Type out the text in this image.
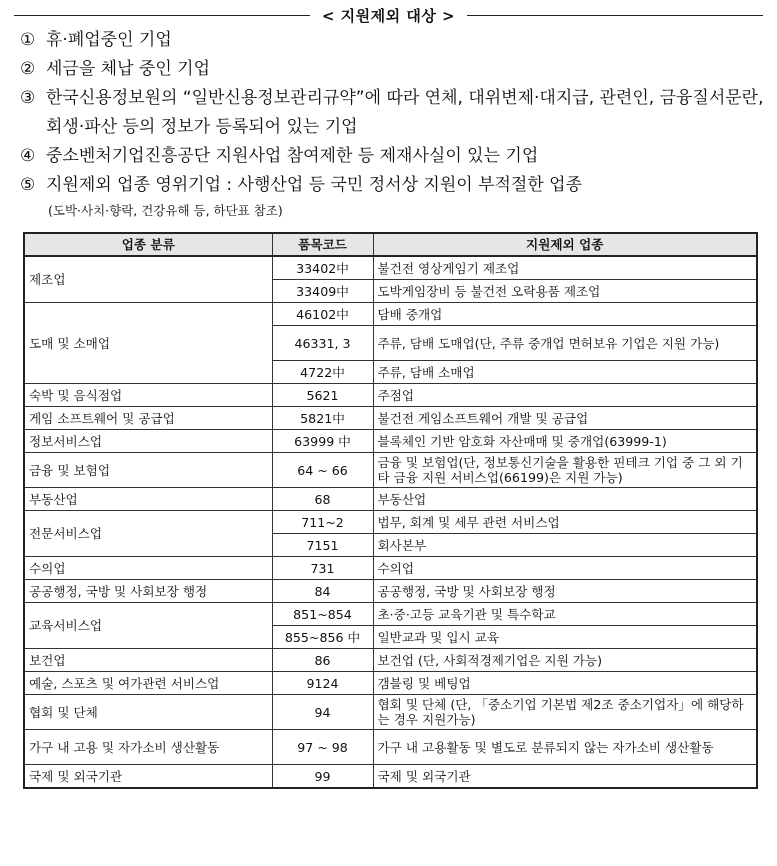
< 지원제외 대상 >
① 휴·폐업중인 기업
② 세금을 체납 중인 기업
③ 한국신용정보원의 “일반신용정보관리규약”에 따라 연체, 대위변제·대지급, 관련인, 금융질서문란, 회생·파산 등의 정보가 등록되어 있는 기업
④ 중소벤처기업진흥공단 지원사업 참여제한 등 제재사실이 있는 기업
⑤ 지원제외 업종 영위기업 : 사행산업 등 국민 정서상 지원이 부적절한 업종
(도박·사치·향락, 건강유해 등, 하단표 참조)
업종 분류	품목코드	지원제외 업종
제조업	33402中	불건전 영상게임기 제조업
	33409中	도박게임장비 등 불건전 오락용품 제조업
도매 및 소매업	46102中	담배 중개업
	46331, 3	주류, 담배 도매업(단, 주류 중개업 면허보유 기업은 지원 가능)
	4722中	주류, 담배 소매업
숙박 및 음식점업	5621	주점업
게임 소프트웨어 및 공급업	5821中	불건전 게임소프트웨어 개발 및 공급업
정보서비스업	63999 中	블록체인 기반 암호화 자산매매 및 중개업(63999-1)
금융 및 보험업	64 ~ 66	금융 및 보험업(단, 정보통신기술을 활용한 핀테크 기업 중 그 외 기타 금융 지원 서비스업(66199)은 지원 가능)
부동산업	68	부동산업
전문서비스업	711~2	법무, 회계 및 세무 관련 서비스업
	7151	회사본부
수의업	731	수의업
공공행정, 국방 및 사회보장 행정	84	공공행정, 국방 및 사회보장 행정
교육서비스업	851~854	초·중·고등 교육기관 및 특수학교
	855~856 中	일반교과 및 입시 교육
보건업	86	보건업 (단, 사회적경제기업은 지원 가능)
예술, 스포츠 및 여가관련 서비스업	9124	갬블링 및 베팅업
협회 및 단체	94	협회 및 단체 (단, 「중소기업 기본법 제2조 중소기업자」에 해당하는 경우 지원가능)
가구 내 고용 및 자가소비 생산활동	97 ~ 98	가구 내 고용활동 및 별도로 분류되지 않는 자가소비 생산활동
국제 및 외국기관	99	국제 및 외국기관
